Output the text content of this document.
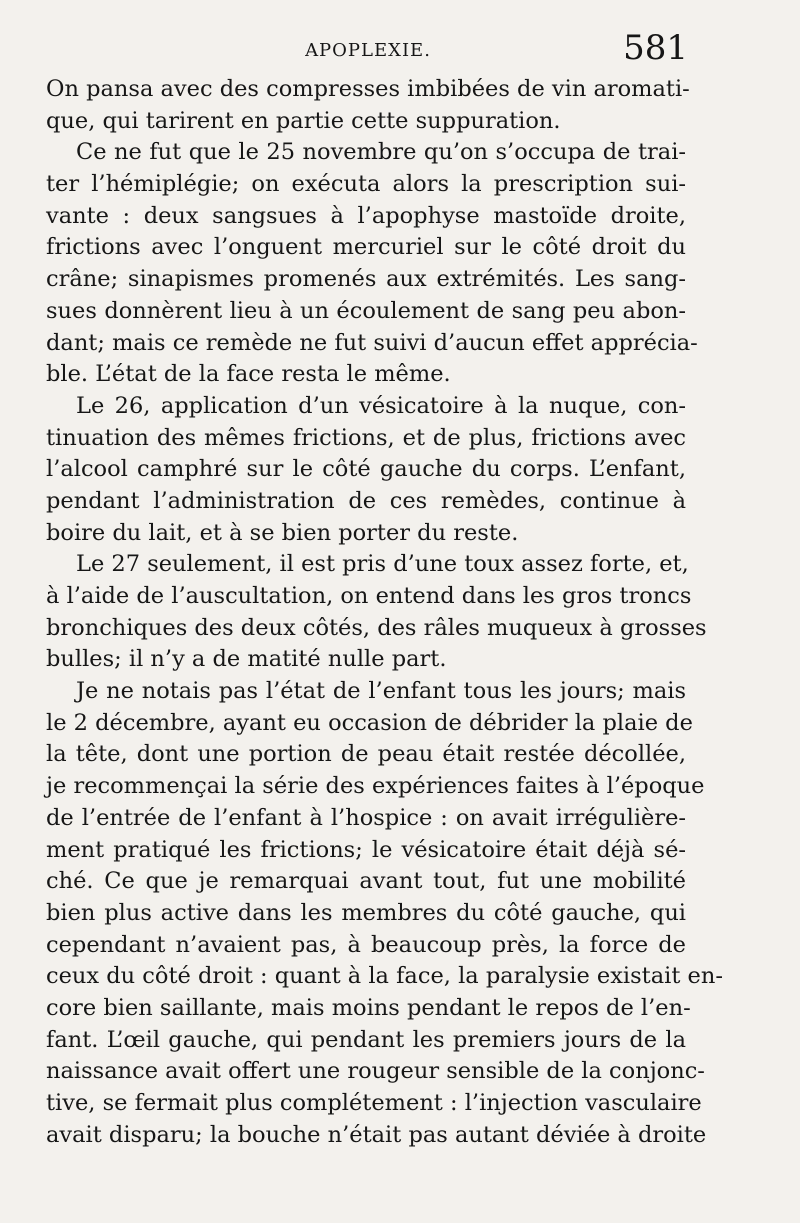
APOPLEXIE.	581
On pansa avec des compresses imbibées de vin aromati-
que, qui tarirent en partie cette suppuration.
Ce ne fut que le 25 novembre qu’on s’occupa de trai-
ter l’hémiplégie; on exécuta alors la prescription sui-
vante : deux sangsues à l’apophyse mastoïde droite,
frictions avec l’onguent mercuriel sur le côté droit du
crâne; sinapismes promenés aux extrémités. Les sang-
sues donnèrent lieu à un écoulement de sang peu abon-
dant; mais ce remède ne fut suivi d’aucun effet apprécia-
ble. L’état de la face resta le même.
Le 26, application d’un vésicatoire à la nuque, con-
tinuation des mêmes frictions, et de plus, frictions avec
l’alcool camphré sur le côté gauche du corps. L’enfant,
pendant l’administration de ces remèdes, continue à
boire du lait, et à se bien porter du reste.
Le 27 seulement, il est pris d’une toux assez forte, et,
à l’aide de l’auscultation, on entend dans les gros troncs
bronchiques des deux côtés, des râles muqueux à grosses
bulles; il n’y a de matité nulle part.
Je ne notais pas l’état de l’enfant tous les jours; mais
le 2 décembre, ayant eu occasion de débrider la plaie de
la tête, dont une portion de peau était restée décollée,
je recommençai la série des expériences faites à l’époque
de l’entrée de l’enfant à l’hospice : on avait irrégulière-
ment pratiqué les frictions; le vésicatoire était déjà sé-
ché. Ce que je remarquai avant tout, fut une mobilité
bien plus active dans les membres du côté gauche, qui
cependant n’avaient pas, à beaucoup près, la force de
ceux du côté droit : quant à la face, la paralysie existait en-
core bien saillante, mais moins pendant le repos de l’en-
fant. L’œil gauche, qui pendant les premiers jours de la
naissance avait offert une rougeur sensible de la conjonc-
tive, se fermait plus complétement : l’injection vasculaire
avait disparu; la bouche n’était pas autant déviée à droite
